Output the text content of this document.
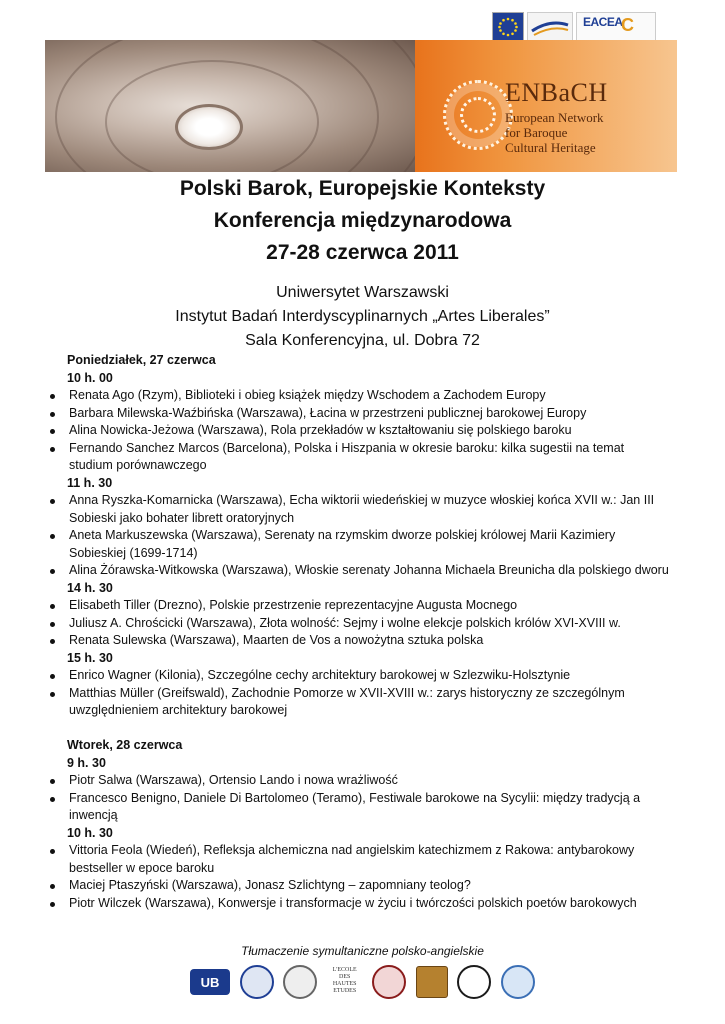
EACEA
C
ENBaCH
European Network
for Baroque
Cultural Heritage
Polski Barok, Europejskie Konteksty
Konferencja międzynarodowa
27-28 czerwca 2011
Uniwersytet Warszawski
Instytut Badań Interdyscyplinarnych „Artes Liberales”
Sala Konferencyjna, ul. Dobra 72
Poniedziałek, 27 czerwca
10 h. 00
Renata Ago (Rzym), Biblioteki i obieg książek między Wschodem a Zachodem Europy
Barbara Milewska-Waźbińska (Warszawa), Łacina w przestrzeni publicznej barokowej Europy
Alina Nowicka-Jeżowa (Warszawa), Rola przekładów w kształtowaniu się polskiego baroku
Fernando Sanchez Marcos (Barcelona), Polska i Hiszpania w okresie baroku: kilka sugestii na temat studium porównawczego
11 h. 30
Anna Ryszka-Komarnicka (Warszawa), Echa wiktorii wiedeńskiej w muzyce włoskiej końca XVII w.: Jan III Sobieski jako bohater librett oratoryjnych
Aneta Markuszewska (Warszawa), Serenaty na rzymskim dworze polskiej królowej Marii Kazimiery Sobieskiej (1699-1714)
Alina Żórawska-Witkowska (Warszawa), Włoskie serenaty Johanna Michaela Breunicha dla polskiego dworu
14 h. 30
Elisabeth Tiller (Drezno), Polskie przestrzenie reprezentacyjne Augusta Mocnego
Juliusz A. Chrościcki (Warszawa), Złota wolność: Sejmy i wolne elekcje polskich królów XVI-XVIII w.
Renata Sulewska (Warszawa), Maarten de Vos a nowożytna sztuka polska
15 h. 30
Enrico Wagner (Kilonia), Szczególne cechy architektury barokowej w Szlezwiku-Holsztynie
Matthias Müller (Greifswald), Zachodnie Pomorze w XVII-XVIII w.: zarys historyczny ze szczególnym uwzględnieniem architektury barokowej
Wtorek, 28 czerwca
9 h. 30
Piotr Salwa (Warszawa), Ortensio Lando i nowa wrażliwość
Francesco Benigno, Daniele Di Bartolomeo (Teramo), Festiwale barokowe na Sycylii: między tradycją a inwencją
10 h. 30
Vittoria Feola (Wiedeń), Refleksja alchemiczna nad angielskim katechizmem z Rakowa: antybarokowy bestseller w epoce baroku
Maciej Ptaszyński (Warszawa), Jonasz Szlichtyng – zapomniany teolog?
Piotr Wilczek (Warszawa), Konwersje i transformacje w życiu i twórczości polskich poetów barokowych
Tłumaczenie symultaniczne polsko-angielskie
UB
L'ECOLE DES HAUTES ETUDES
